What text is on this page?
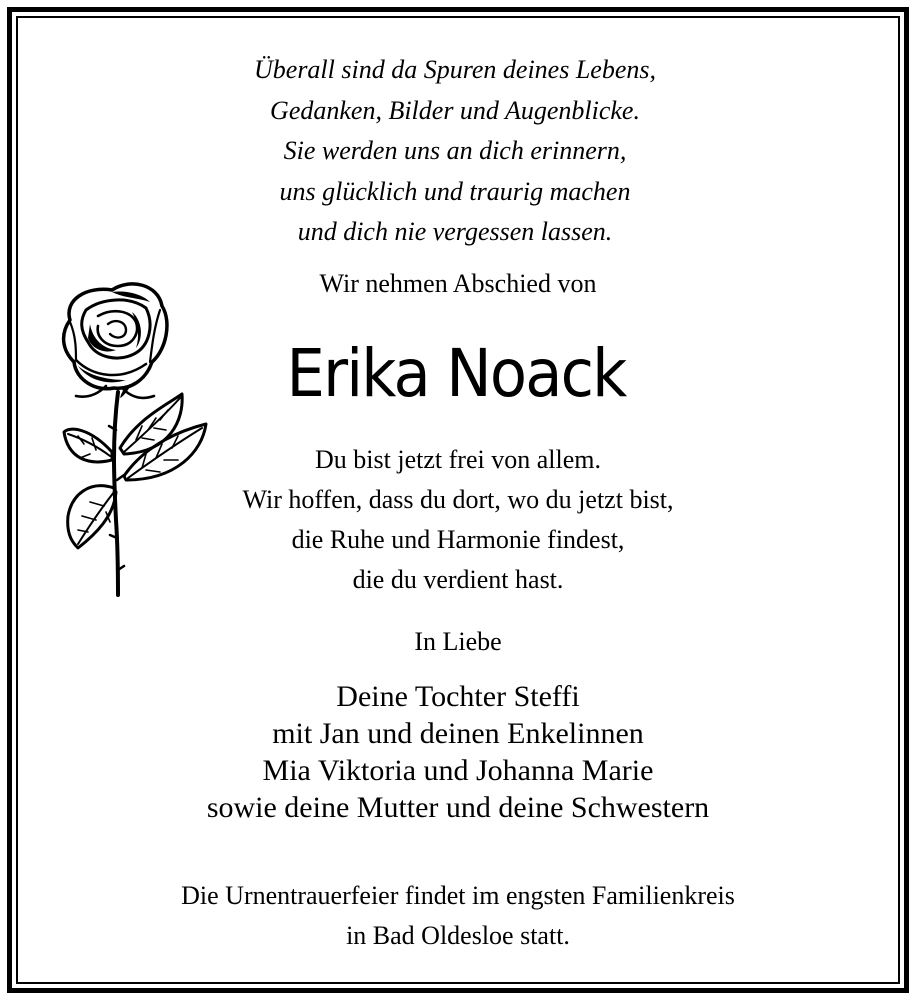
Überall sind da Spuren deines Lebens,
Gedanken, Bilder und Augenblicke.
Sie werden uns an dich erinnern,
uns glücklich und traurig machen
und dich nie vergessen lassen.
Wir nehmen Abschied von
Erika Noack
Du bist jetzt frei von allem.
Wir hoffen, dass du dort, wo du jetzt bist,
die Ruhe und Harmonie findest,
die du verdient hast.
In Liebe
Deine Tochter Steffi
mit Jan und deinen Enkelinnen
Mia Viktoria und Johanna Marie
sowie deine Mutter und deine Schwestern
Die Urnentrauerfeier findet im engsten Familienkreis
in Bad Oldesloe statt.
